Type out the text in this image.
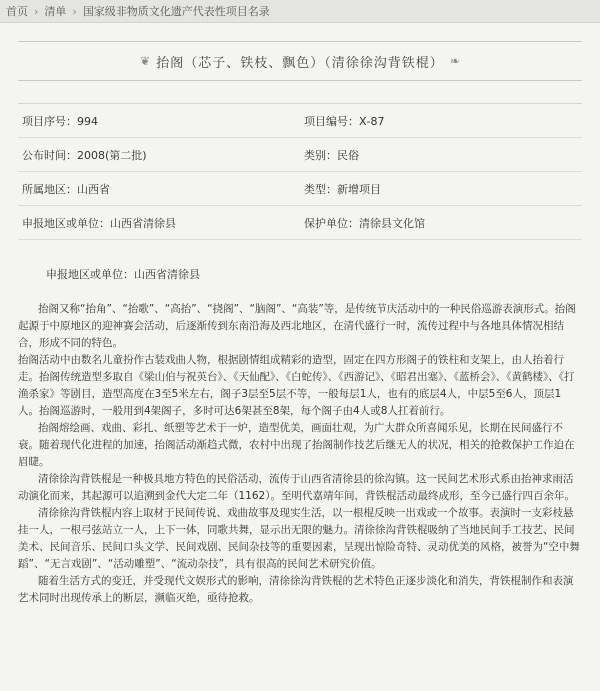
首页 › 清单 › 国家级非物质文化遗产代表性项目名录
❦ 抬阁（芯子、铁枝、飘色）（清徐徐沟背铁棍） ❧
项目序号：994	项目编号：Ⅹ-87
公布时间：2008(第二批)	类别：民俗
所属地区：山西省	类型：新增项目
申报地区或单位：山西省清徐县	保护单位：清徐县文化馆
申报地区或单位：山西省清徐县

抬阁又称“抬角”、“抬歌”、“高抬”、“挠阁”、“脑阁”、“高装”等，是传统节庆活动中的一种民俗巡游表演形式。抬阁起源于中原地区的迎神赛会活动，后逐渐传到东南沿海及西北地区，在清代盛行一时，流传过程中与各地具体情况相结合，形成不同的特色。

抬阁活动中由数名儿童扮作古装戏曲人物，根据剧情组成精彩的造型，固定在四方形阁子的铁柱和支架上，由人抬着行走。抬阁传统造型多取自《梁山伯与祝英台》、《天仙配》、《白蛇传》、《西游记》、《昭君出塞》、《蓝桥会》、《黄鹤楼》、《打渔杀家》等剧目，造型高度在3至5米左右，阁子3层至5层不等，一般每层1人，也有的底层4人，中层5至6人，顶层1人。抬阁巡游时，一般用到4架阁子，多时可达6架甚至8架，每个阁子由4人或8人扛着前行。

抬阁熔绘画、戏曲、彩扎、纸塑等艺术于一炉，造型优美，画面壮观，为广大群众所喜闻乐见，长期在民间盛行不衰。随着现代化进程的加速，抬阁活动渐趋式微，农村中出现了抬阁制作技艺后继无人的状况，相关的抢救保护工作迫在眉睫。

清徐徐沟背铁棍是一种极具地方特色的民俗活动，流传于山西省清徐县的徐沟镇。这一民间艺术形式系由抬神求雨活动演化而来，其起源可以追溯到金代大定二年（1162）。至明代嘉靖年间，背铁棍活动最终成形，至今已盛行四百余年。

清徐徐沟背铁棍内容上取材于民间传说、戏曲故事及现实生活，以一根棍反映一出戏或一个故事。表演时一支彩枝悬挂一人，一根弓弦站立一人，上下一体，同歌共舞，显示出无限的魅力。清徐徐沟背铁棍吸纳了当地民间手工技艺、民间美术、民间音乐、民间口头文学、民间戏剧、民间杂技等的重要因素，呈现出惊险奇特、灵动优美的风格，被誉为“空中舞蹈”、“无言戏剧”、“活动雕塑”、“流动杂技”，具有很高的民间艺术研究价值。

随着生活方式的变迁，并受现代文娱形式的影响，清徐徐沟背铁棍的艺术特色正逐步淡化和消失，背铁棍制作和表演艺术同时出现传承上的断层，濒临灭绝，亟待抢救。
